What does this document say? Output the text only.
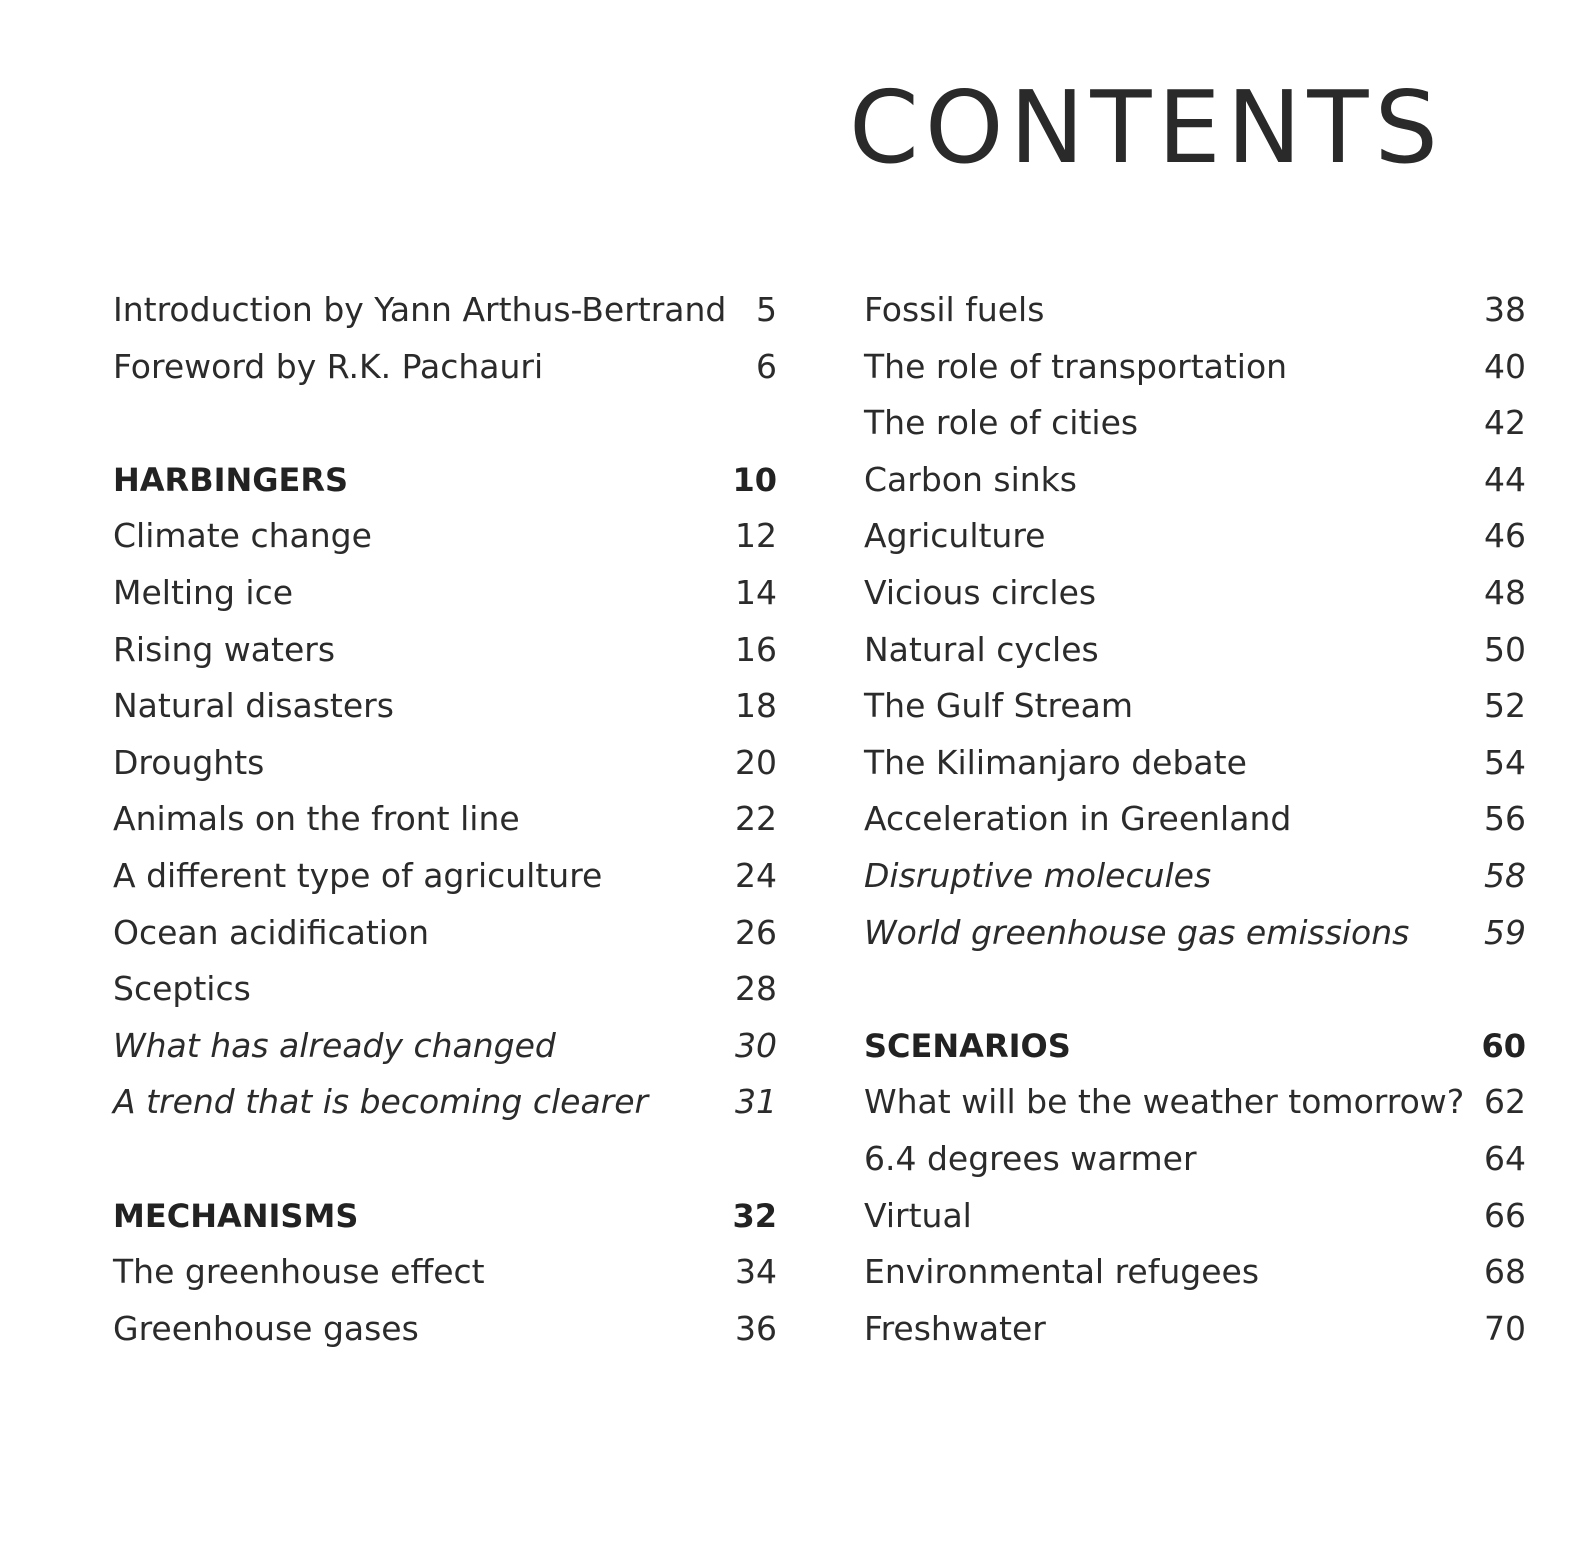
CONTENTS
Introduction by Yann Arthus-Bertrand 5
Foreword by R.K. Pachauri	6
HARBINGERS	10
Climate change	12
Melting ice	14
Rising waters	16
Natural disasters	18
Droughts	20
Animals on the front line	22
A different type of agriculture	24
Ocean acidification	26
Sceptics	28
What has already changed	30
A trend that is becoming clearer	31
MECHANISMS	32
The greenhouse effect	34
Greenhouse gases	36
Fossil fuels	38
The role of transportation	40
The role of cities	42
Carbon sinks	44
Agriculture	46
Vicious circles	48
Natural cycles	50
The Gulf Stream	52
The Kilimanjaro debate	54
Acceleration in Greenland	56
Disruptive molecules	58
World greenhouse gas emissions 59
SCENARIOS	60
What will be the weather tomorrow? 62
6.4 degrees warmer	64
Virtual	66
Environmental refugees	68
Freshwater	70
